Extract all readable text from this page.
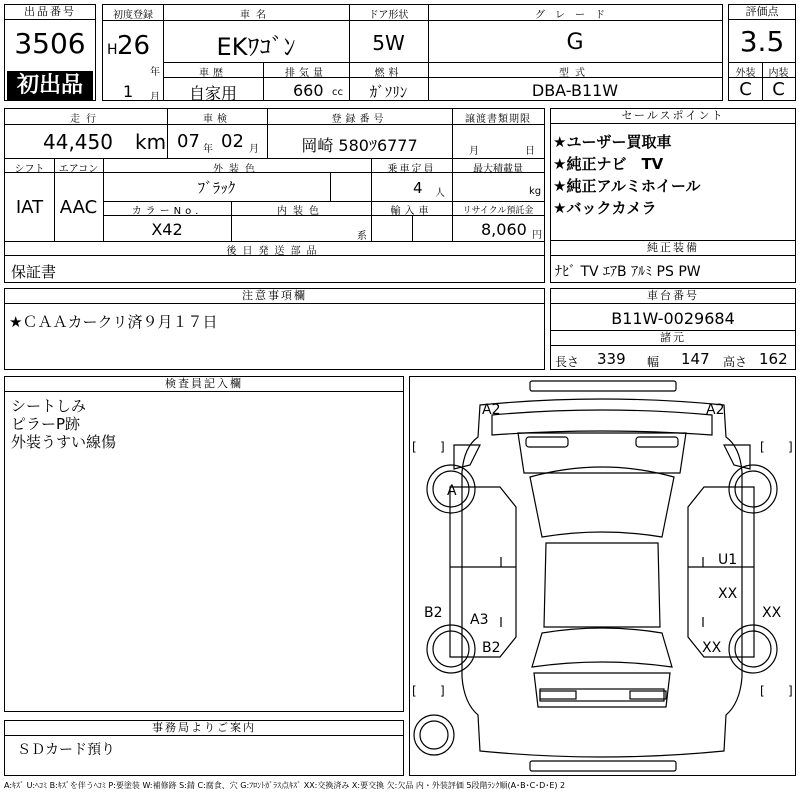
出品番号
3506
初出品
初度登録
H 26
年
1 月
車名
EKﾜｺﾞﾝ
ドア形状
5W
グレード
G
車歴
自家用
排気量
660 cc
燃料
ｶﾞｿﾘﾝ
型式
DBA-B11W
評価点
3.5
外装	内装
C	C
走行
44,450 km
車検
07 年 02 月
登録番号
岡崎 580ﾂ6777
譲渡書類期限
月	日
シフト
IAT
エアコン
AAC
外装色
ﾌﾞﾗｯｸ
乗車定員
4 人
最大積載量
kg
カラーNo.
X42
内装色
系
輸入車	リサイクル預託金
8,060 円
後日発送部品
保証書
セールスポイント
★ユーザー買取車
★純正ナビ　TV
★純正アルミホイール
★バックカメラ
純正装備
ﾅﾋﾞ TV ｴｱB ｱﾙﾐ PS PW
注意事項欄
★ＣＡＡカークリ済９月１７日
車台番号
B11W-0029684
諸元
長さ 339 幅 147 高さ 162
検査員記入欄
シートしみ
ピラーP跡
外装うすい線傷	[ ]	[ ]
[ ]	[ ]
A2	A2
A
U1
XX
XX
XX
B2 A3
B2
事務局よりご案内
ＳＤカード預り
A:ｷｽﾞ U:ﾍｺﾐ B:ｷｽﾞを伴うﾍｺﾐ P:要塗装 W:補修跡 S:錆 C:腐食、穴 G:ﾌﾛﾝﾄｶﾞﾗｽ点ｷｽﾞ XX:交換済み X:要交換 欠:欠品 内・外装評価 5段階ﾗﾝｸ順(A･B･C･D･E) 2
